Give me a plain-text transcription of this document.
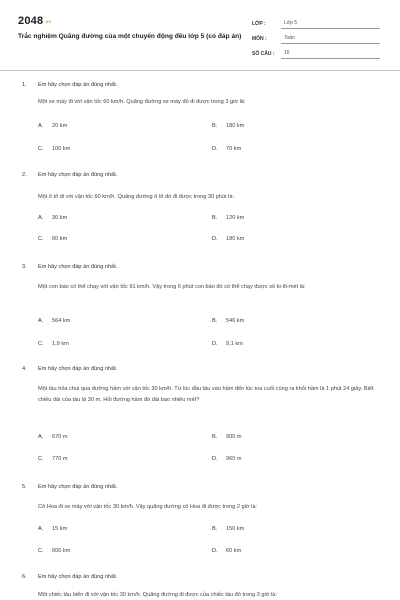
2048.vn
Trắc nghiệm Quãng đường của một chuyển động đều lớp 5 (có đáp án)
LỚP :	Lớp 5
MÔN :	Toán
SỐ CÂU :	15
1. Em hãy chọn đáp án đúng nhất.
Một xe máy đi với vận tốc 60 km/h. Quãng đường xe máy đó đi được trong 3 giờ là:
A. 20 km	B. 180 km
C. 100 km	D. 70 km
2. Em hãy chọn đáp án đúng nhất.
Một ô tô đi với vận tốc 60 km/h. Quãng đường ô tô đó đi được trong 30 phút là:
A. 30 km	B. 120 km
C. 60 km	D. 180 km
3. Em hãy chọn đáp án đúng nhất.
Một con báo có thể chạy với vận tốc 91 km/h. Vậy trong 6 phút con báo đó có thể chạy được số ki-lô-mét là:
A. 564 km	B. 546 km
C. 1,9 km	D. 9,1 km
4. Em hãy chọn đáp án đúng nhất.
Một tàu hỏa chui qua đường hầm với vận tốc 30 km/h. Từ lúc đầu tàu vào hầm đến lúc toa cuối cùng ra khỏi hầm là 1 phút 24 giây. Biết chiều dài của tàu là 30 m. Hỏi đường hầm đó dài bao nhiêu mét?
A. 670 m	B. 900 m
C. 770 m	D. 960 m
5. Em hãy chọn đáp án đúng nhất.
Cô Hoa đi xe máy với vận tốc 30 km/h. Vậy quãng đường cô Hoa đi được trong 2 giờ là:
A. 15 km	B. 150 km
C. 600 km	D. 60 km
6. Em hãy chọn đáp án đúng nhất.
Một chiếc tàu biển đi với vận tốc 30 km/h. Quãng đường đi được của chiếc tàu đó trong 3 giờ là:
